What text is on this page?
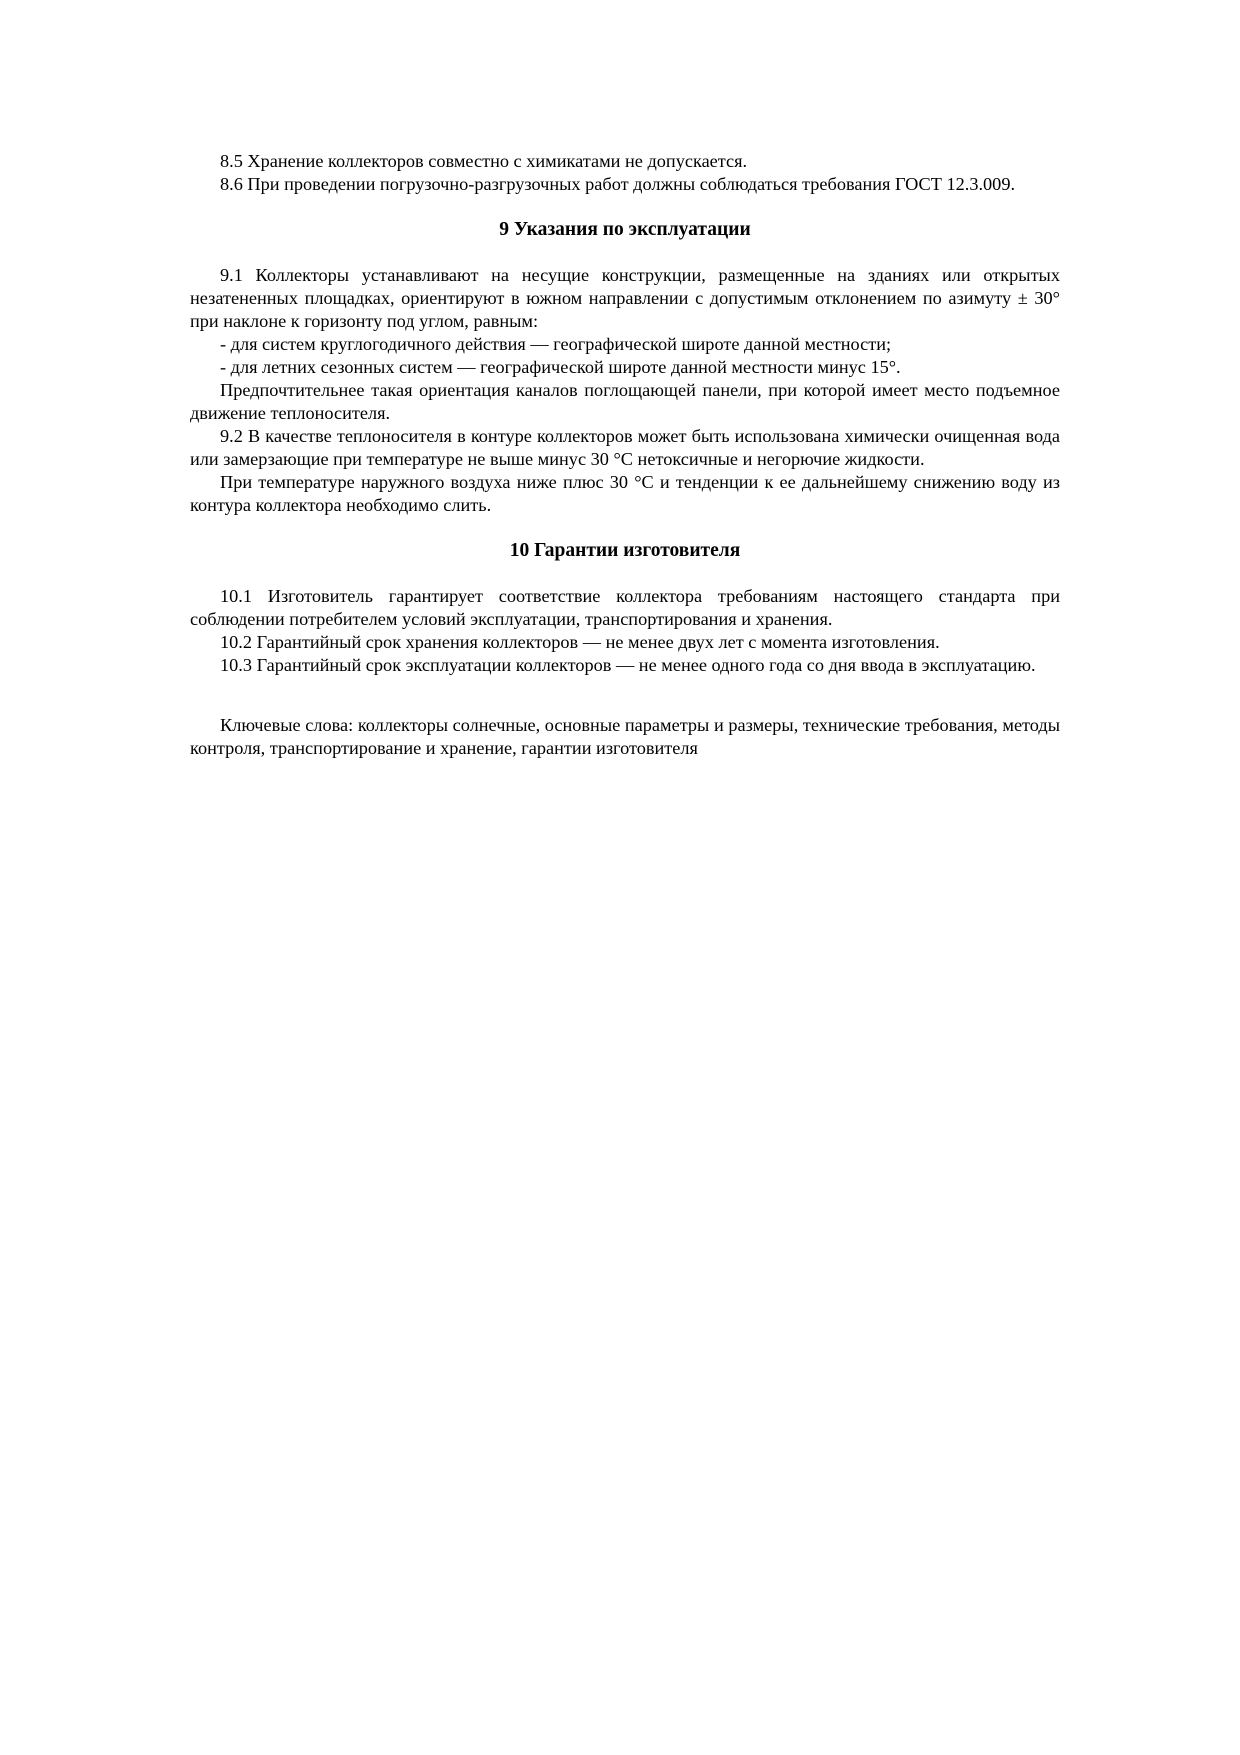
8.5 Хранение коллекторов совместно с химикатами не допускается.

8.6 При проведении погрузочно-разгрузочных работ должны соблюдаться требования ГОСТ 12.3.009.

9 Указания по эксплуатации

9.1 Коллекторы устанавливают на несущие конструкции, размещенные на зданиях или открытых незатененных площадках, ориентируют в южном направлении с допустимым отклонением по азимуту ± 30° при наклоне к горизонту под углом, равным:

- для систем круглогодичного действия — географической широте данной местности;

- для летних сезонных систем — географической широте данной местности минус 15°.

Предпочтительнее такая ориентация каналов поглощающей панели, при которой имеет место подъемное движение теплоносителя.

9.2 В качестве теплоносителя в контуре коллекторов может быть использована химически очищенная вода или замерзающие при температуре не выше минус 30 °С нетоксичные и негорючие жидкости.

При температуре наружного воздуха ниже плюс 30 °С и тенденции к ее дальнейшему снижению воду из контура коллектора необходимо слить.

10 Гарантии изготовителя

10.1 Изготовитель гарантирует соответствие коллектора требованиям настоящего стандарта при соблюдении потребителем условий эксплуатации, транспортирования и хранения.

10.2 Гарантийный срок хранения коллекторов — не менее двух лет с момента изготовления.

10.3 Гарантийный срок эксплуатации коллекторов — не менее одного года со дня ввода в эксплуатацию.

Ключевые слова: коллекторы солнечные, основные параметры и размеры, технические требования, методы контроля, транспортирование и хранение, гарантии изготовителя
